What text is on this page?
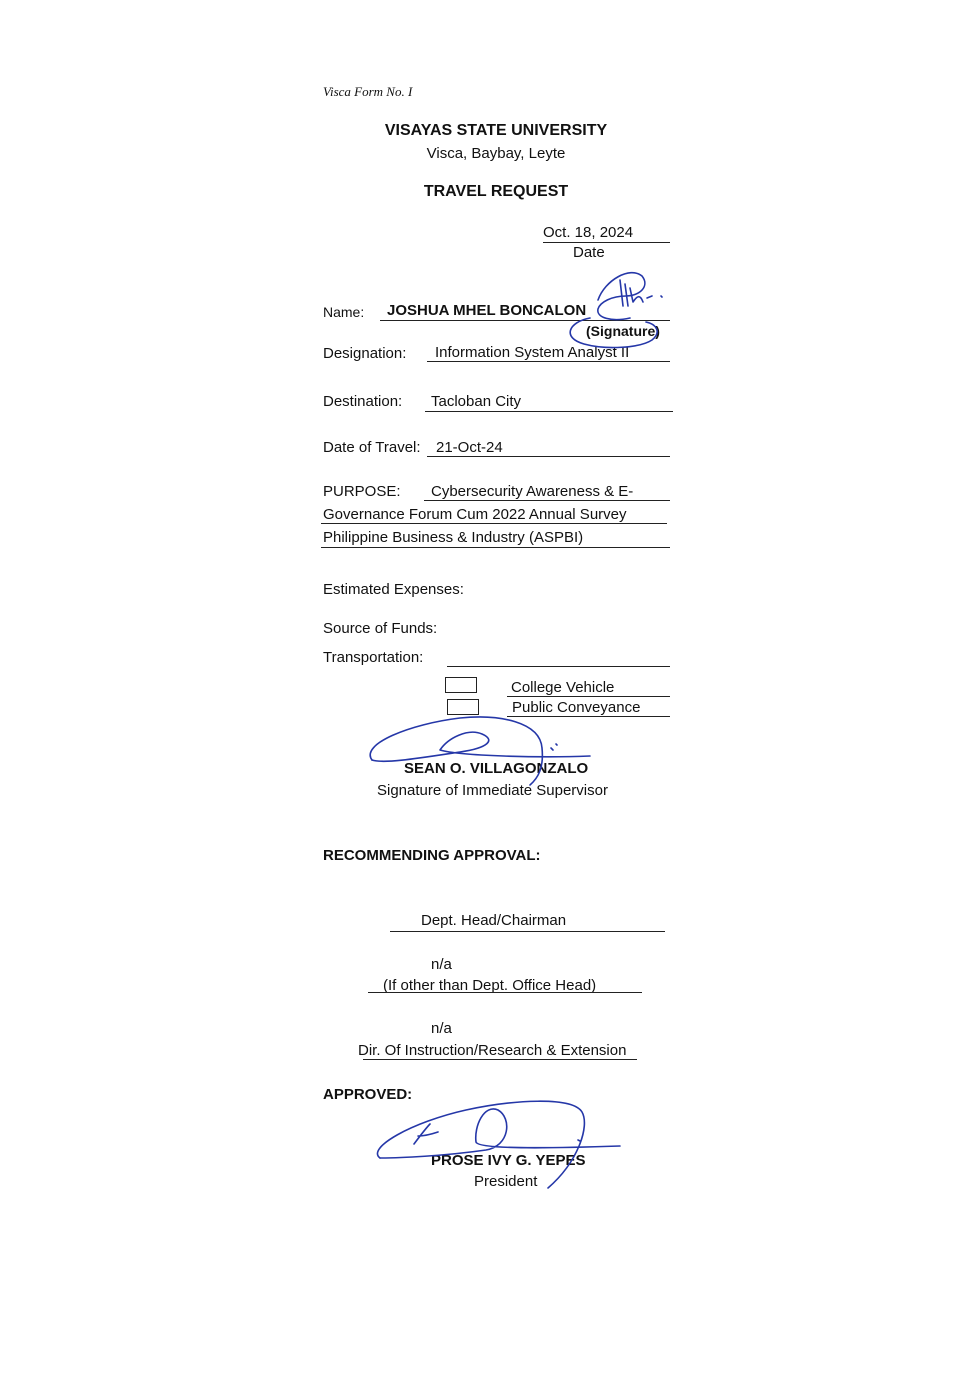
Visca Form No. I
VISAYAS STATE UNIVERSITY
Visca, Baybay, Leyte
TRAVEL REQUEST
Oct. 18, 2024
Date
Name: JOSHUA MHEL BONCALON
(Signature)
Designation: Information System Analyst II
Destination: Tacloban City
Date of Travel: 21-Oct-24
PURPOSE: Cybersecurity Awareness & E-
Governance Forum Cum 2022 Annual Survey
Philippine Business & Industry (ASPBI)
Estimated Expenses:
Source of Funds:
Transportation:
College Vehicle
Public Conveyance
SEAN O. VILLAGONZALO
Signature of Immediate Supervisor
RECOMMENDING APPROVAL:
Dept. Head/Chairman
n/a
(If other than Dept. Office Head)
n/a
Dir. Of Instruction/Research & Extension
APPROVED:
PROSE IVY G. YEPES
President
